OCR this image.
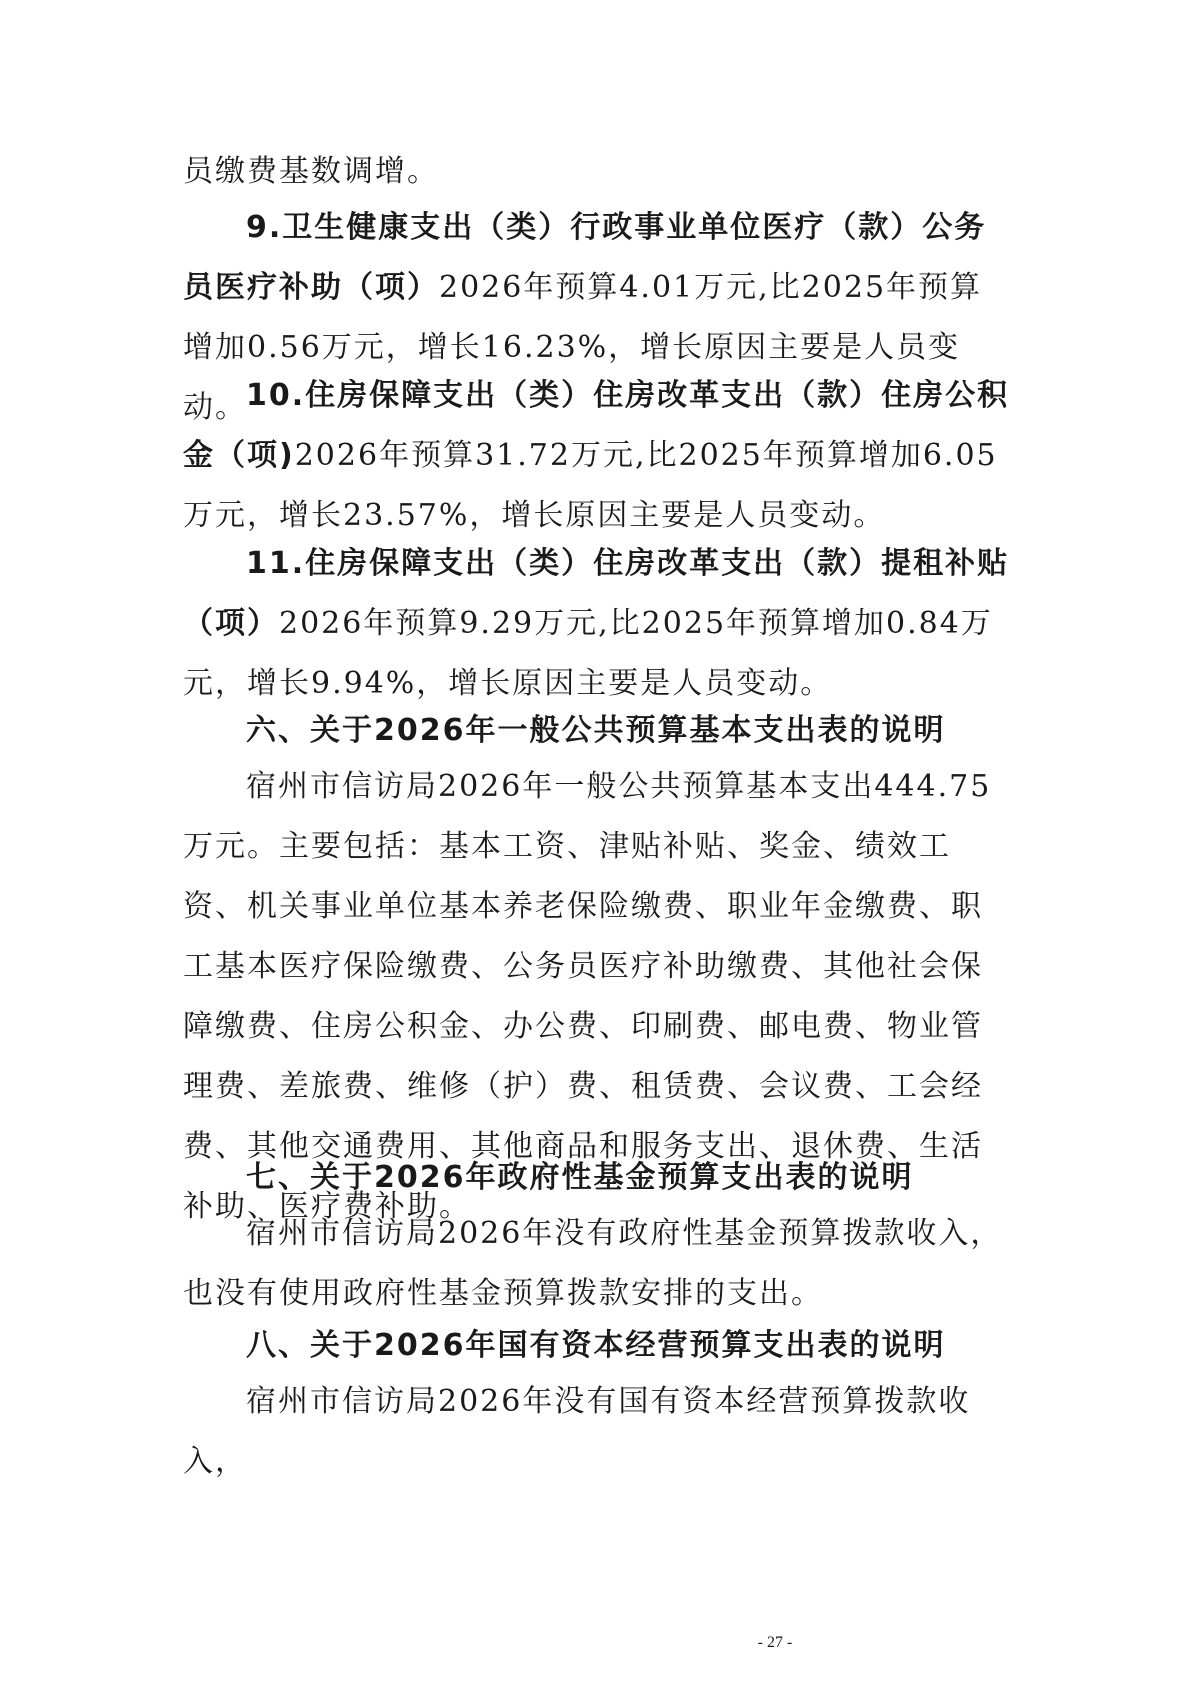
员缴费基数调增。

9.卫生健康支出（类）行政事业单位医疗（款）公务员医疗补助（项）2026年预算4.01万元,比2025年预算增加0.56万元，增长16.23%，增长原因主要是人员变动。 10.住房保障支出（类）住房改革支出（款）住房公积金（项)2026年预算31.72万元,比2025年预算增加6.05万元，增长23.57%，增长原因主要是人员变动。

11.住房保障支出（类）住房改革支出（款）提租补贴（项）2026年预算9.29万元,比2025年预算增加0.84万元，增长9.94%，增长原因主要是人员变动。

六、关于2026年一般公共预算基本支出表的说明

宿州市信访局2026年一般公共预算基本支出444.75万元。主要包括：基本工资、津贴补贴、奖金、绩效工资、机关事业单位基本养老保险缴费、职业年金缴费、职工基本医疗保险缴费、公务员医疗补助缴费、其他社会保障缴费、住房公积金、办公费、印刷费、邮电费、物业管理费、差旅费、维修（护）费、租赁费、会议费、工会经费、其他交通费用、其他商品和服务支出、退休费、生活补助、医疗费补助。

七、关于2026年政府性基金预算支出表的说明

宿州市信访局2026年没有政府性基金预算拨款收入，也没有使用政府性基金预算拨款安排的支出。

八、关于2026年国有资本经营预算支出表的说明

宿州市信访局2026年没有国有资本经营预算拨款收入，

- 27 -
